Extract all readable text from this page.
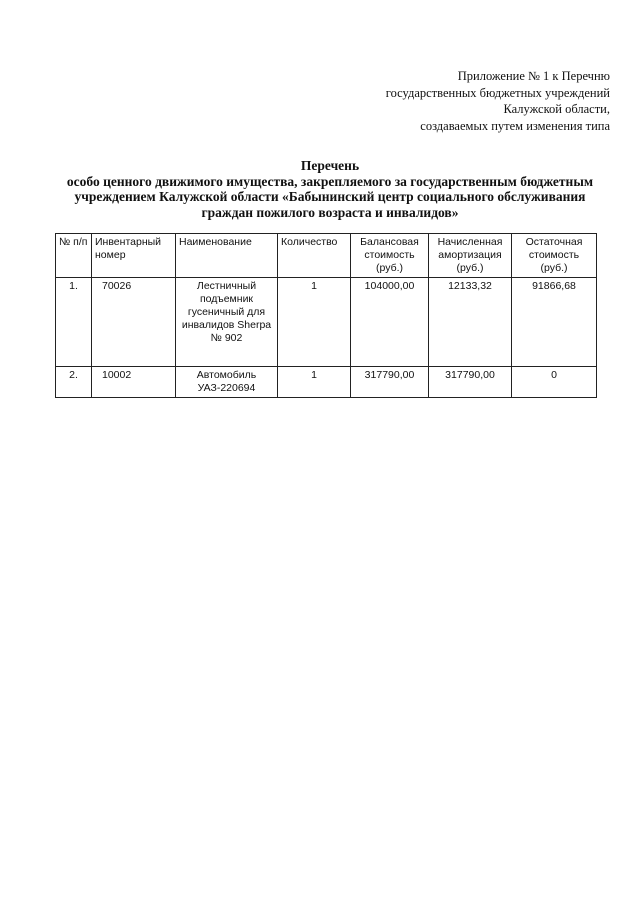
Приложение № 1 к Перечню
государственных бюджетных учреждений
Калужской области,
создаваемых путем изменения типа
Перечень
особо ценного движимого имущества, закрепляемого за государственным бюджетным
учреждением Калужской области «Бабынинский центр социального обслуживания
граждан пожилого возраста и инвалидов»
№ п/п	Инвентарный номер	Наименование	Количество	Балансовая стоимость (руб.)	Начисленная амортизация (руб.)	Остаточная стоимость (руб.)
1.	70026	Лестничный подъемник гусеничный для инвалидов Sherpa № 902	1	104000,00	12133,32	91866,68
2.	10002	Автомобиль УАЗ-220694	1	317790,00	317790,00	0
